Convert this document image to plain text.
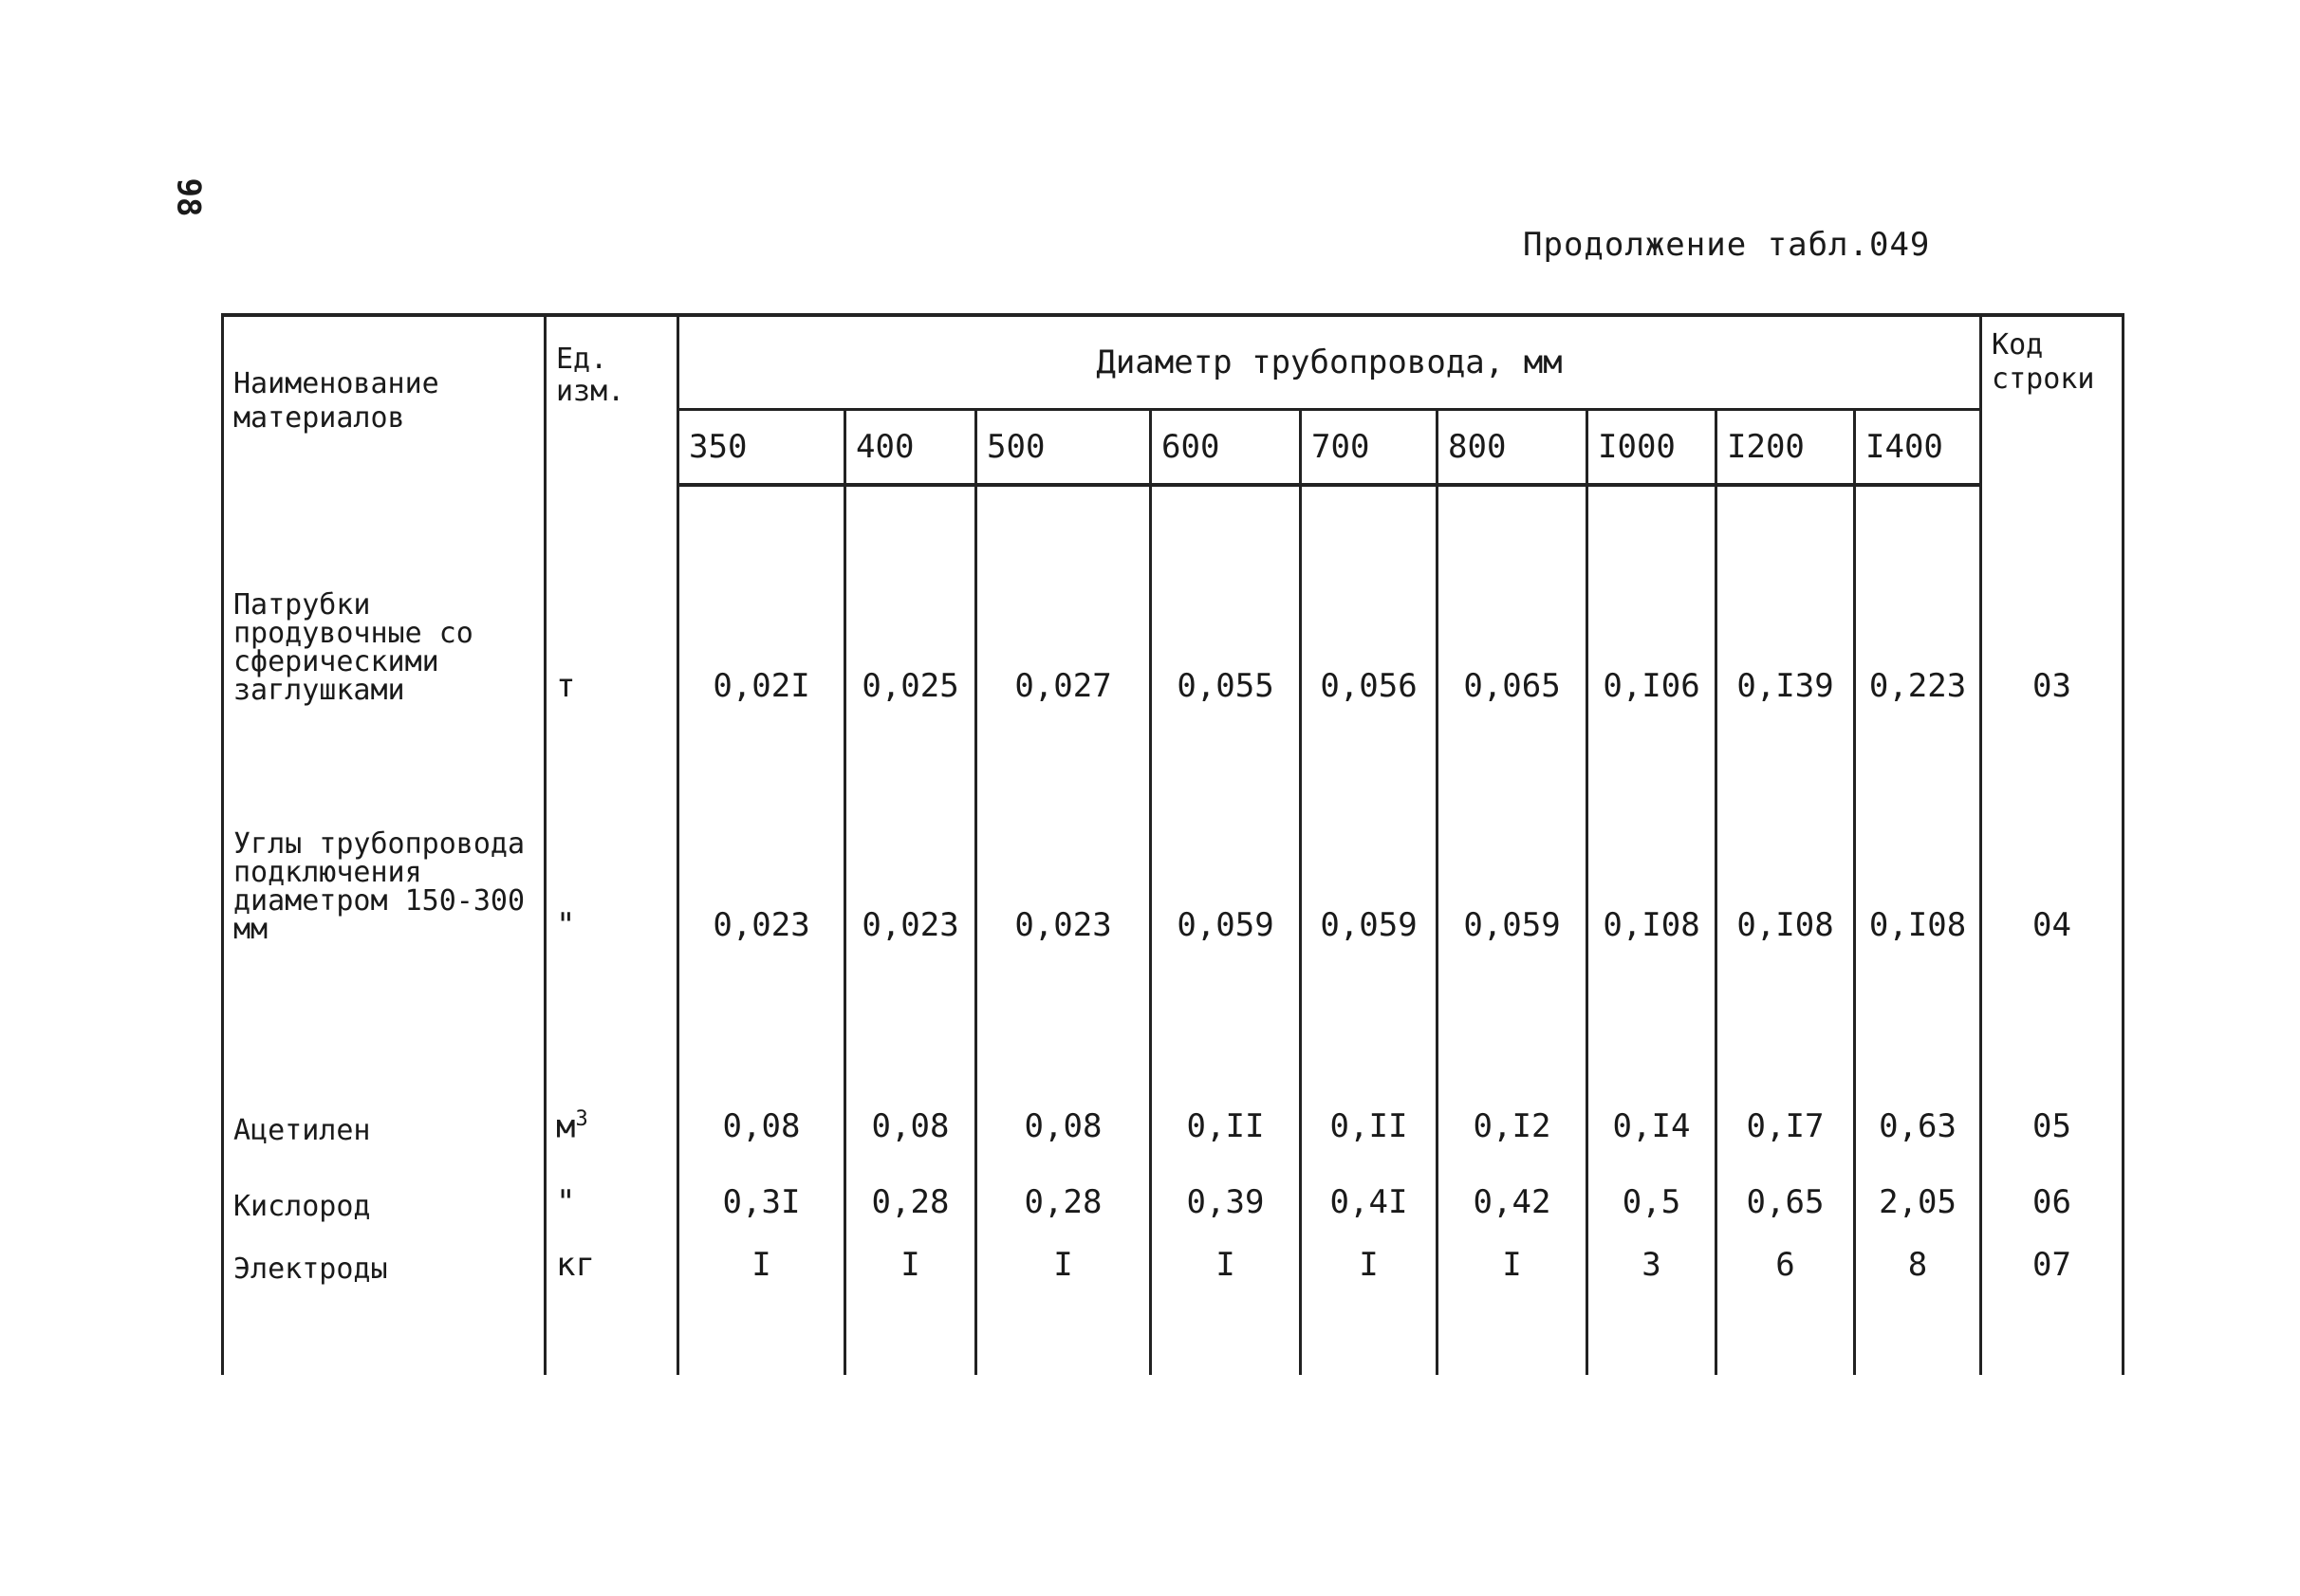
98
Продолжение табл.049
Наименование материалов	Ед. изм.	Диаметр трубопровода, мм									Код строки
		350	400	500	600	700	800	I000	I200	I400	
Патрубки продувочные со сферическими заглушками	т	0,02I	0,025	0,027	0,055	0,056	0,065	0,I06	0,I39	0,223	03
Углы трубопровода подключения диаметром 150-300 мм	"	0,023	0,023	0,023	0,059	0,059	0,059	0,I08	0,I08	0,I08	04
Ацетилен	$м^3$	0,08	0,08	0,08	0,II	0,II	0,I2	0,I4	0,I7	0,63	05
Кислород	"	0,3I	0,28	0,28	0,39	0,4I	0,42	0,5	0,65	2,05	06
Электроды	кг	I	I	I	I	I	I	3	6	8	07
